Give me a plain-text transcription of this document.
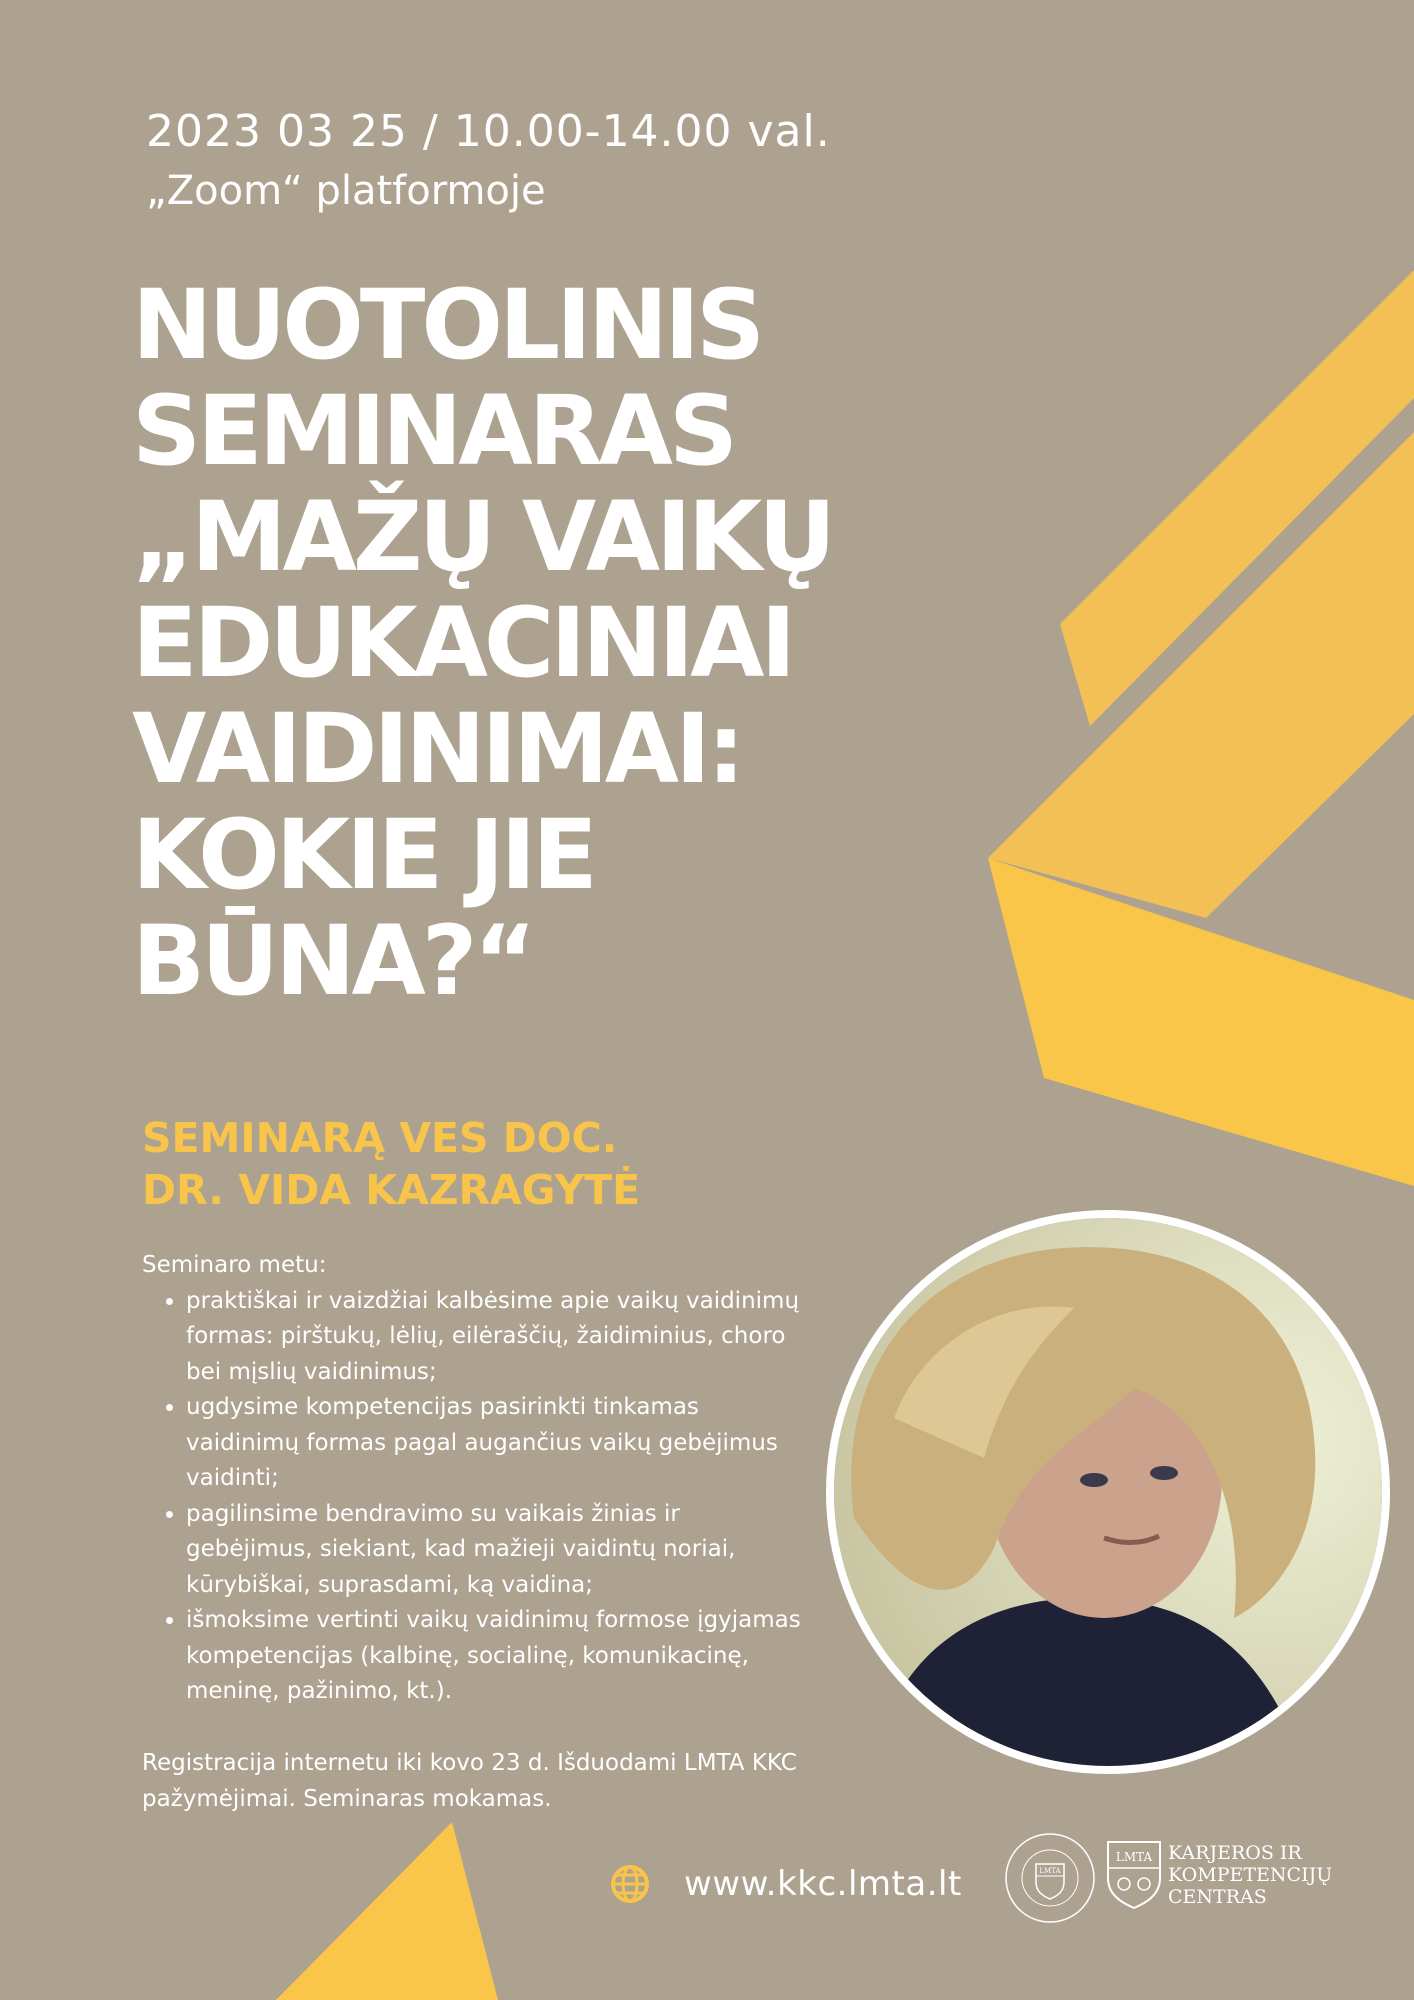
2023 03 25 / 10.00-14.00 val.
„Zoom“ platformoje
NUOTOLINIS
SEMINARAS
„MAŽŲ VAIKŲ
EDUKACINIAI
VAIDINIMAI:
KOKIE JIE
BŪNA?“
SEMINARĄ VES DOC.
DR. VIDA KAZRAGYTĖ
Seminaro metu:
• praktiškai ir vaizdžiai kalbėsime apie vaikų vaidinimų formas: pirštukų, lėlių, eilėraščių, žaidiminius, choro bei mįslių vaidinimus;
• ugdysime kompetencijas pasirinkti tinkamas vaidinimų formas pagal augančius vaikų gebėjimus vaidinti;
• pagilinsime bendravimo su vaikais žinias ir gebėjimus, siekiant, kad mažieji vaidintų noriai, kūrybiškai, suprasdami, ką vaidina;
• išmoksime vertinti vaikų vaidinimų formose įgyjamas kompetencijas (kalbinę, socialinę, komunikacinę, meninę, pažinimo, kt.).
Registracija internetu iki kovo 23 d. Išduodami LMTA KKC pažymėjimai. Seminaras mokamas.
www.kkc.lmta.lt	LMTA
LMTA KARJEROS IR
KOMPETENCIJŲ
CENTRAS
